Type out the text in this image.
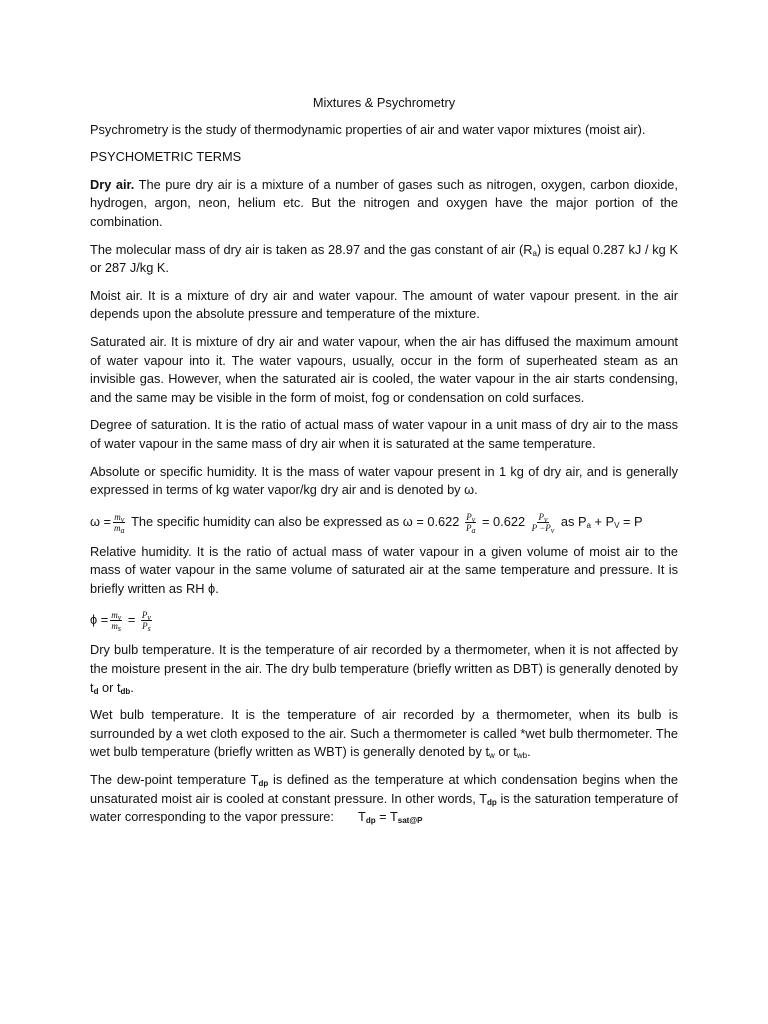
Mixtures & Psychrometry

Psychrometry is the study of thermodynamic properties of air and water vapor mixtures (moist air).

PSYCHOMETRIC TERMS

Dry air. The pure dry air is a mixture of a number of gases such as nitrogen, oxygen, carbon dioxide, hydrogen, argon, neon, helium etc. But the nitrogen and oxygen have the major portion of the combination.

The molecular mass of dry air is taken as 28.97 and the gas constant of air $(R_a)$ is equal 0.287 kJ / kg K or 287 J/kg K.

Moist air. It is a mixture of dry air and water vapour. The amount of water vapour present. in the air depends upon the absolute pressure and temperature of the mixture.

Saturated air. It is mixture of dry air and water vapour, when the air has diffused the maximum amount of water vapour into it. The water vapours, usually, occur in the form of superheated steam as an invisible gas. However, when the saturated air is cooled, the water vapour in the air starts condensing, and the same may be visible in the form of moist, fog or condensation on cold surfaces.

Degree of saturation. It is the ratio of actual mass of water vapour in a unit mass of dry air to the mass of water vapour in the same mass of dry air when it is saturated at the same temperature.

Absolute or specific humidity. It is the mass of water vapour present in 1 kg of dry air, and is generally expressed in terms of kg water vapor/kg dry air and is denoted by ω.

$\omega = \frac{m_v}{m_a}$ The specific humidity can also be expressed as $\omega = 0.622 \frac{P_v}{P_a} = 0.622 \frac{P_v}{P -P_v}$ as $P_a + P_V = P$

Relative humidity. It is the ratio of actual mass of water vapour in a given volume of moist air to the mass of water vapour in the same volume of saturated air at the same temperature and pressure. It is briefly written as RH ϕ.

$\phi = \frac{m_v}{m_s} = \frac{P_v}{P_s}$

Dry bulb temperature. It is the temperature of air recorded by a thermometer, when it is not affected by the moisture present in the air. The dry bulb temperature (briefly written as DBT) is generally denoted by $t_d$ or $t_{db}$.

Wet bulb temperature. It is the temperature of air recorded by a thermometer, when its bulb is surrounded by a wet cloth exposed to the air. Such a thermometer is called *wet bulb thermometer. The wet bulb temperature (briefly written as WBT) is generally denoted by $t_w$ or $t_{wb}$.

The dew-point temperature $T_{dp}$ is defined as the temperature at which condensation begins when the unsaturated moist air is cooled at constant pressure. In other words, $T_{dp}$ is the saturation temperature of water corresponding to the vapor pressure: $T_{dp} = T_{sat@P}$
